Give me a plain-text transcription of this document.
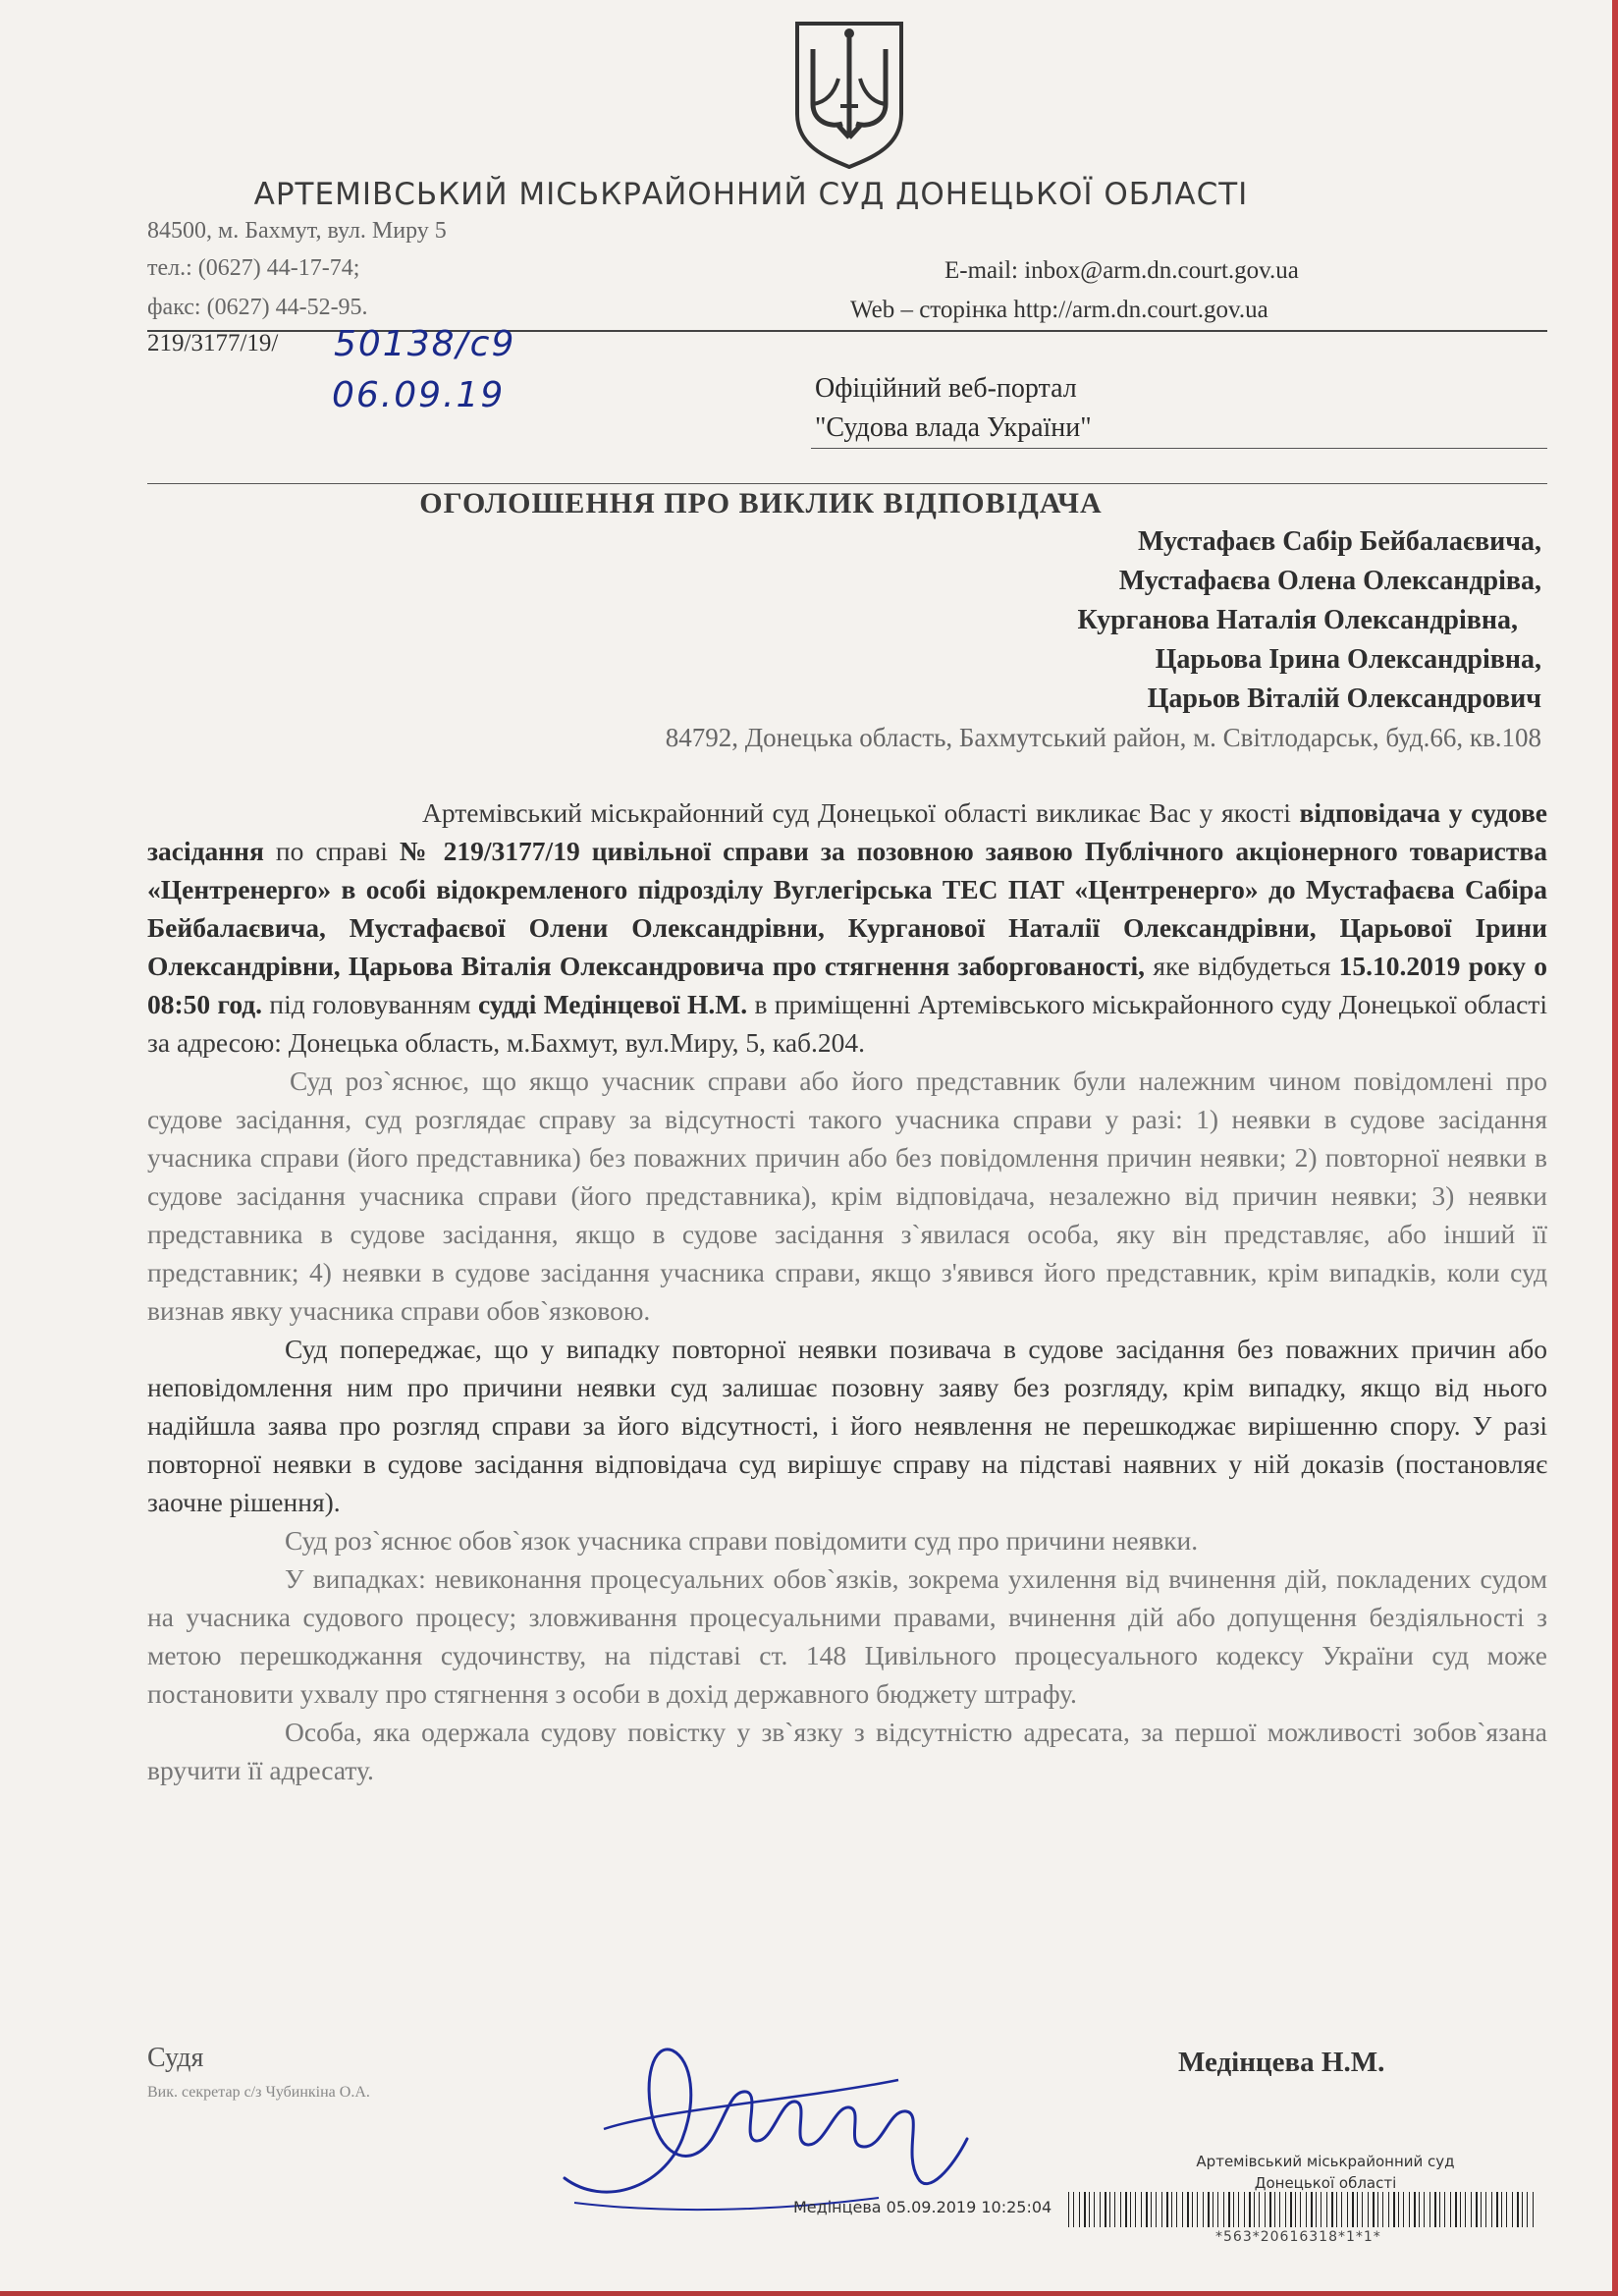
АРТЕМІВСЬКИЙ МІСЬКРАЙОННИЙ СУД ДОНЕЦЬКОЇ ОБЛАСТІ
84500, м. Бахмут, вул. Миру 5
тел.: (0627) 44-17-74;
факс: (0627) 44-52-95.
E-mail: inbox@arm.dn.court.gov.ua
Web – сторінка http://arm.dn.court.gov.ua
219/3177/19/ 50138/с9
06.09.19	Офіційний веб-портал
"Судова влада України"
ОГОЛОШЕННЯ ПРО ВИКЛИК ВІДПОВІДАЧА
Мустафаєв Сабір Бейбалаєвича,
Мустафаєва Олена Олександріва,
Курганова Наталія Олександрівна,
Царьова Ірина Олександрівна,
Царьов Віталій Олександрович
84792, Донецька область, Бахмутський район, м. Світлодарськ, буд.66, кв.108

Артемівський міськрайонний суд Донецької області викликає Вас у якості відповідача у судове засідання по справі № 219/3177/19 цивільної справи за позовною заявою Публічного акціонерного товариства «Центренерго» в особі відокремленого підрозділу Вуглегірська ТЕС ПАТ «Центренерго» до Мустафаєва Сабіра Бейбалаєвича, Мустафаєвої Олени Олександрівни, Курганової Наталії Олександрівни, Царьової Ірини Олександрівни, Царьова Віталія Олександровича про стягнення заборгованості, яке відбудеться 15.10.2019 року о 08:50 год. під головуванням судді Медінцевої Н.М. в приміщенні Артемівського міськрайонного суду Донецької області за адресою: Донецька область, м.Бахмут, вул.Миру, 5, каб.204.

Суд роз`яснює, що якщо учасник справи або його представник були належним чином повідомлені про судове засідання, суд розглядає справу за відсутності такого учасника справи у разі: 1) неявки в судове засідання учасника справи (його представника) без поважних причин або без повідомлення причин неявки; 2) повторної неявки в судове засідання учасника справи (його представника), крім відповідача, незалежно від причин неявки; 3) неявки представника в судове засідання, якщо в судове засідання з`явилася особа, яку він представляє, або інший її представник; 4) неявки в судове засідання учасника справи, якщо з'явився його представник, крім випадків, коли суд визнав явку учасника справи обов`язковою.

Суд попереджає, що у випадку повторної неявки позивача в судове засідання без поважних причин або неповідомлення ним про причини неявки суд залишає позовну заяву без розгляду, крім випадку, якщо від нього надійшла заява про розгляд справи за його відсутності, і його неявлення не перешкоджає вирішенню спору. У разі повторної неявки в судове засідання відповідача суд вирішує справу на підставі наявних у ній доказів (постановляє заочне рішення).

Суд роз`яснює обов`язок учасника справи повідомити суд про причини неявки.

У випадках: невиконання процесуальних обов`язків, зокрема ухилення від вчинення дій, покладених судом на учасника судового процесу; зловживання процесуальними правами, вчинення дій або допущення бездіяльності з метою перешкоджання судочинству, на підставі ст. 148 Цивільного процесуального кодексу України суд може постановити ухвалу про стягнення з особи в дохід державного бюджету штрафу.

Особа, яка одержала судову повістку у зв`язку з відсутністю адресата, за першої можливості зобов`язана вручити її адресату.

Судя
Вик. секретар с/з Чубинкіна О.А.
Медінцева Н.М.
Артемівський міськрайонний суд
Донецької області
Медінцева 05.09.2019 10:25:04
*563*20616318*1*1*
